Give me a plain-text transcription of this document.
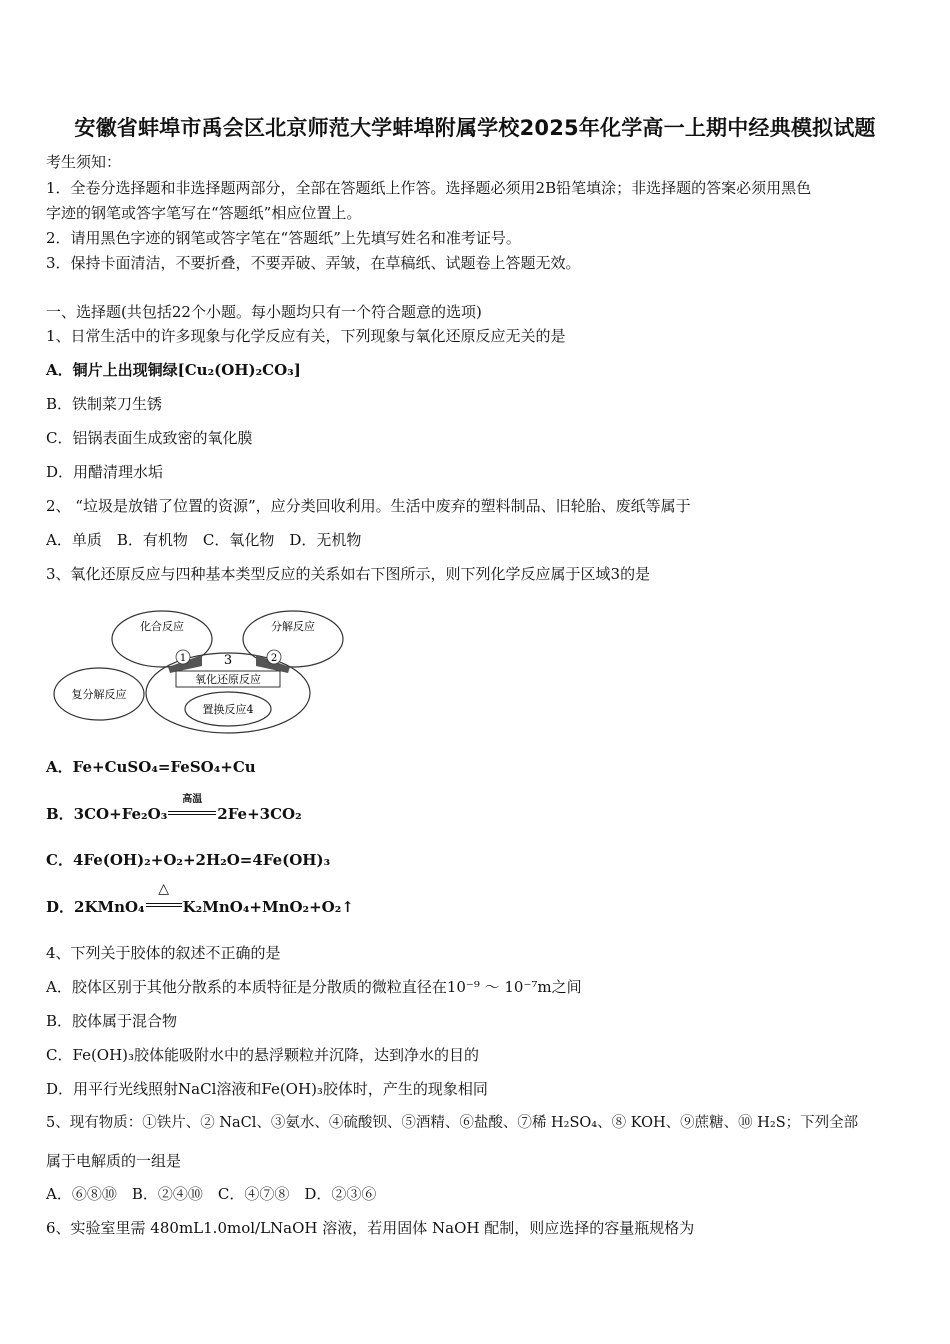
安徽省蚌埠市禹会区北京师范大学蚌埠附属学校2025年化学高一上期中经典模拟试题
考生须知：
1．全卷分选择题和非选择题两部分，全部在答题纸上作答。选择题必须用2B铅笔填涂；非选择题的答案必须用黑色
字迹的钢笔或答字笔写在“答题纸”相应位置上。
2．请用黑色字迹的钢笔或答字笔在“答题纸”上先填写姓名和准考证号。
3．保持卡面清洁，不要折叠，不要弄破、弄皱，在草稿纸、试题卷上答题无效。
一、选择题(共包括22个小题。每小题均只有一个符合题意的选项)
1、日常生活中的许多现象与化学反应有关，下列现象与氧化还原反应无关的是
A．铜片上出现铜绿[Cu₂(OH)₂CO₃]
B．铁制菜刀生锈
C．铝锅表面生成致密的氧化膜
D．用醋清理水垢
2、 “垃圾是放错了位置的资源”，应分类回收利用。生活中废弃的塑料制品、旧轮胎、废纸等属于
A．单质　B．有机物　C．氧化物　D．无机物
3、氧化还原反应与四种基本类型反应的关系如右下图所示，则下列化学反应属于区域3的是
化合反应	分解反应
复分解反应
氧化还原反应
置换反应4
1	2
3
A．Fe+CuSO₄=FeSO₄+Cu
B．3CO+Fe₂O₃
高温
2Fe+3CO₂
C．4Fe(OH)₂+O₂+2H₂O=4Fe(OH)₃
D．2KMnO₄
△
K₂MnO₄+MnO₂+O₂↑
4、下列关于胶体的叙述不正确的是
A．胶体区别于其他分散系的本质特征是分散质的微粒直径在10⁻⁹ ～ 10⁻⁷m之间
B．胶体属于混合物
C．Fe(OH)₃胶体能吸附水中的悬浮颗粒并沉降，达到净水的目的
D．用平行光线照射NaCl溶液和Fe(OH)₃胶体时，产生的现象相同
5、现有物质：①铁片、② NaCl、③氨水、④硫酸钡、⑤酒精、⑥盐酸、⑦稀 H₂SO₄、⑧ KOH、⑨蔗糖、⑩ H₂S；下列全部
属于电解质的一组是
A．⑥⑧⑩　B．②④⑩　C．④⑦⑧　D．②③⑥
6、实验室里需 480mL1.0mol/LNaOH 溶液，若用固体 NaOH 配制，则应选择的容量瓶规格为
